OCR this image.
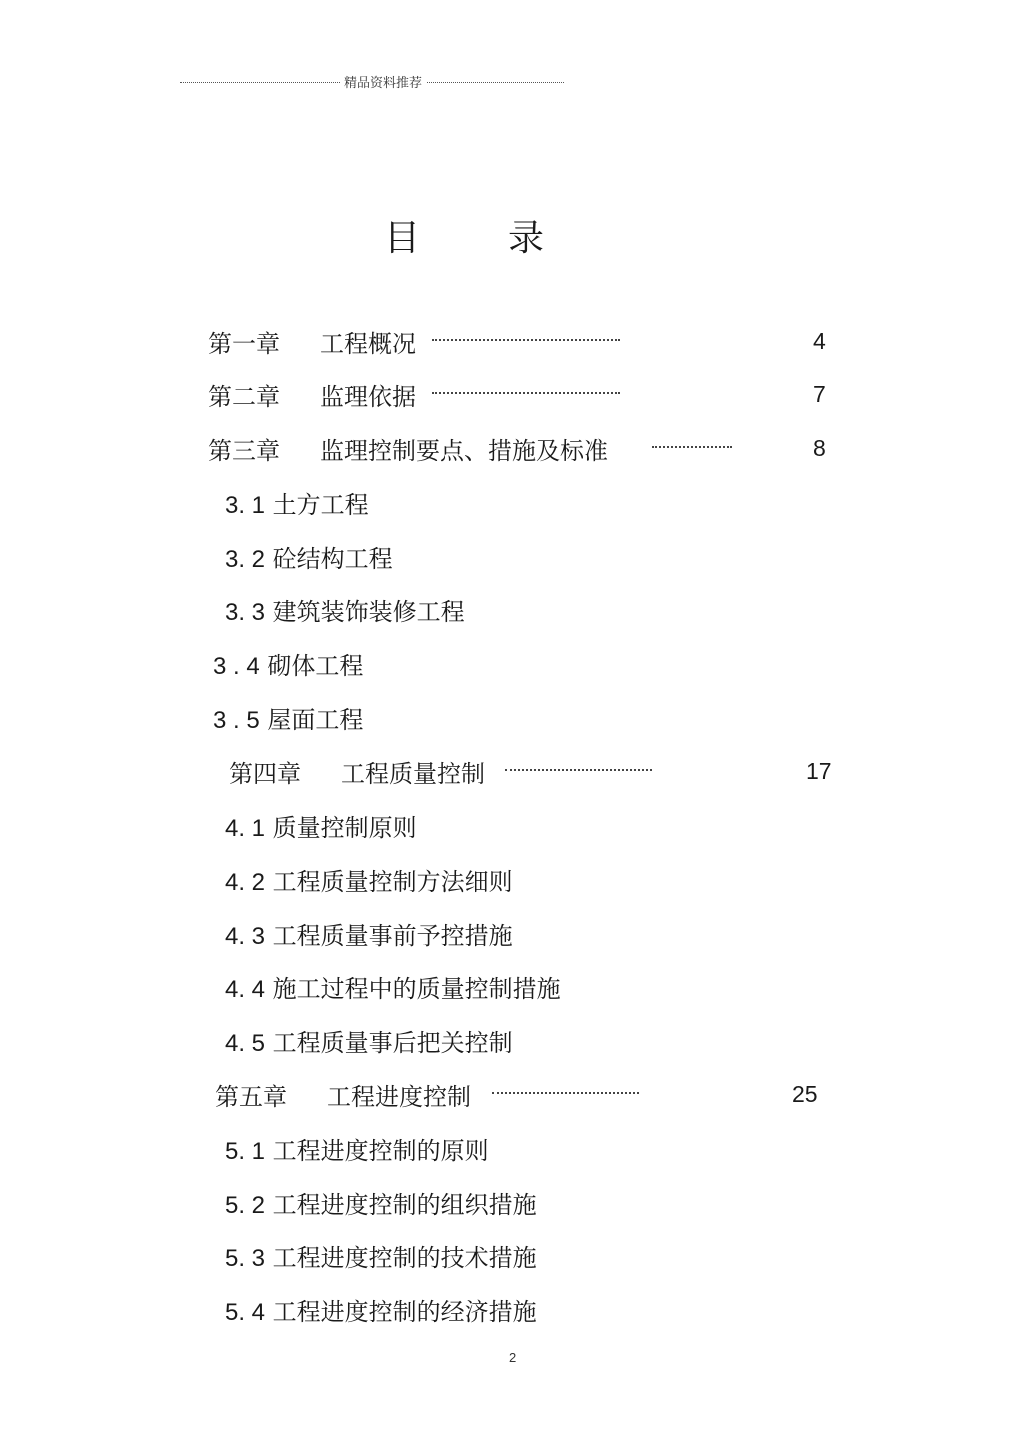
精品资料推荐
目 录
第一章 工程概况	4
第二章 监理依据	7
第三章 监理控制要点、措施及标准	8
3. 1 土方工程
3. 2 砼结构工程
3. 3 建筑装饰装修工程
3 . 4 砌体工程
3 . 5 屋面工程
第四章 工程质量控制	17
4. 1 质量控制原则
4. 2 工程质量控制方法细则
4. 3 工程质量事前予控措施
4. 4 施工过程中的质量控制措施
4. 5 工程质量事后把关控制
第五章 工程进度控制	25
5. 1 工程进度控制的原则
5. 2 工程进度控制的组织措施
5. 3 工程进度控制的技术措施
5. 4 工程进度控制的经济措施
2
